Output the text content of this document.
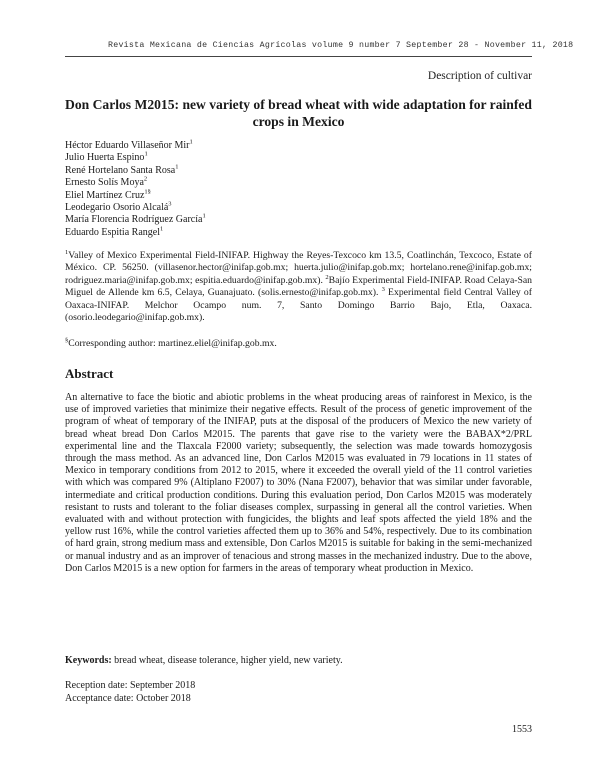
Revista Mexicana de Ciencias Agrícolas volume 9 number 7 September 28 - November 11, 2018
Description of cultivar
Don Carlos M2015: new variety of bread wheat with wide adaptation for rainfed crops in Mexico
Héctor Eduardo Villaseñor Mir$^1$
Julio Huerta Espino$^1$
René Hortelano Santa Rosa$^1$
Ernesto Solís Moya$^2$
Eliel Martínez Cruz$^{1\S}$
Leodegario Osorio Alcalá$^3$
María Florencia Rodríguez García$^1$
Eduardo Espitia Rangel$^1$
$^1$Valley of Mexico Experimental Field-INIFAP. Highway the Reyes-Texcoco km 13.5, Coatlinchán, Texcoco, Estate of México. CP. 56250. (villasenor.hector@inifap.gob.mx; huerta.julio@inifap.gob.mx; hortelano.rene@inifap.gob.mx; rodriguez.maria@inifap.gob.mx; espitia.eduardo@inifap.gob.mx). $^2$Bajío Experimental Field-INIFAP. Road Celaya-San Miguel de Allende km 6.5, Celaya, Guanajuato. (solis.ernesto@inifap.gob.mx). $^3$ Experimental field Central Valley of Oaxaca-INIFAP. Melchor Ocampo num. 7, Santo Domingo Barrio Bajo, Etla, Oaxaca. (osorio.leodegario@inifap.gob.mx).
§Corresponding author: martinez.eliel@inifap.gob.mx.
Abstract
An alternative to face the biotic and abiotic problems in the wheat producing areas of rainforest in Mexico, is the use of improved varieties that minimize their negative effects. Result of the process of genetic improvement of the program of wheat of temporary of the INIFAP, puts at the disposal of the producers of Mexico the new variety of bread wheat bread Don Carlos M2015. The parents that gave rise to the variety were the BABAX*2/PRL experimental line and the Tlaxcala F2000 variety; subsequently, the selection was made towards homozygosis through the mass method. As an advanced line, Don Carlos M2015 was evaluated in 79 locations in 11 states of Mexico in temporary conditions from 2012 to 2015, where it exceeded the overall yield of the 11 control varieties with which was compared 9% (Altiplano F2007) to 30% (Nana F2007), behavior that was similar under favorable, intermediate and critical production conditions. During this evaluation period, Don Carlos M2015 was moderately resistant to rusts and tolerant to the foliar diseases complex, surpassing in general all the control varieties. When evaluated with and without protection with fungicides, the blights and leaf spots affected the yield 18% and the yellow rust 16%, while the control varieties affected them up to 36% and 54%, respectively. Due to its combination of hard grain, strong medium mass and extensible, Don Carlos M2015 is suitable for baking in the semi-mechanized or manual industry and as an improver of tenacious and strong masses in the mechanized industry. Due to the above, Don Carlos M2015 is a new option for farmers in the areas of temporary wheat production in Mexico.
Keywords: bread wheat, disease tolerance, higher yield, new variety.
Reception date: September 2018
Acceptance date: October 2018
1553
